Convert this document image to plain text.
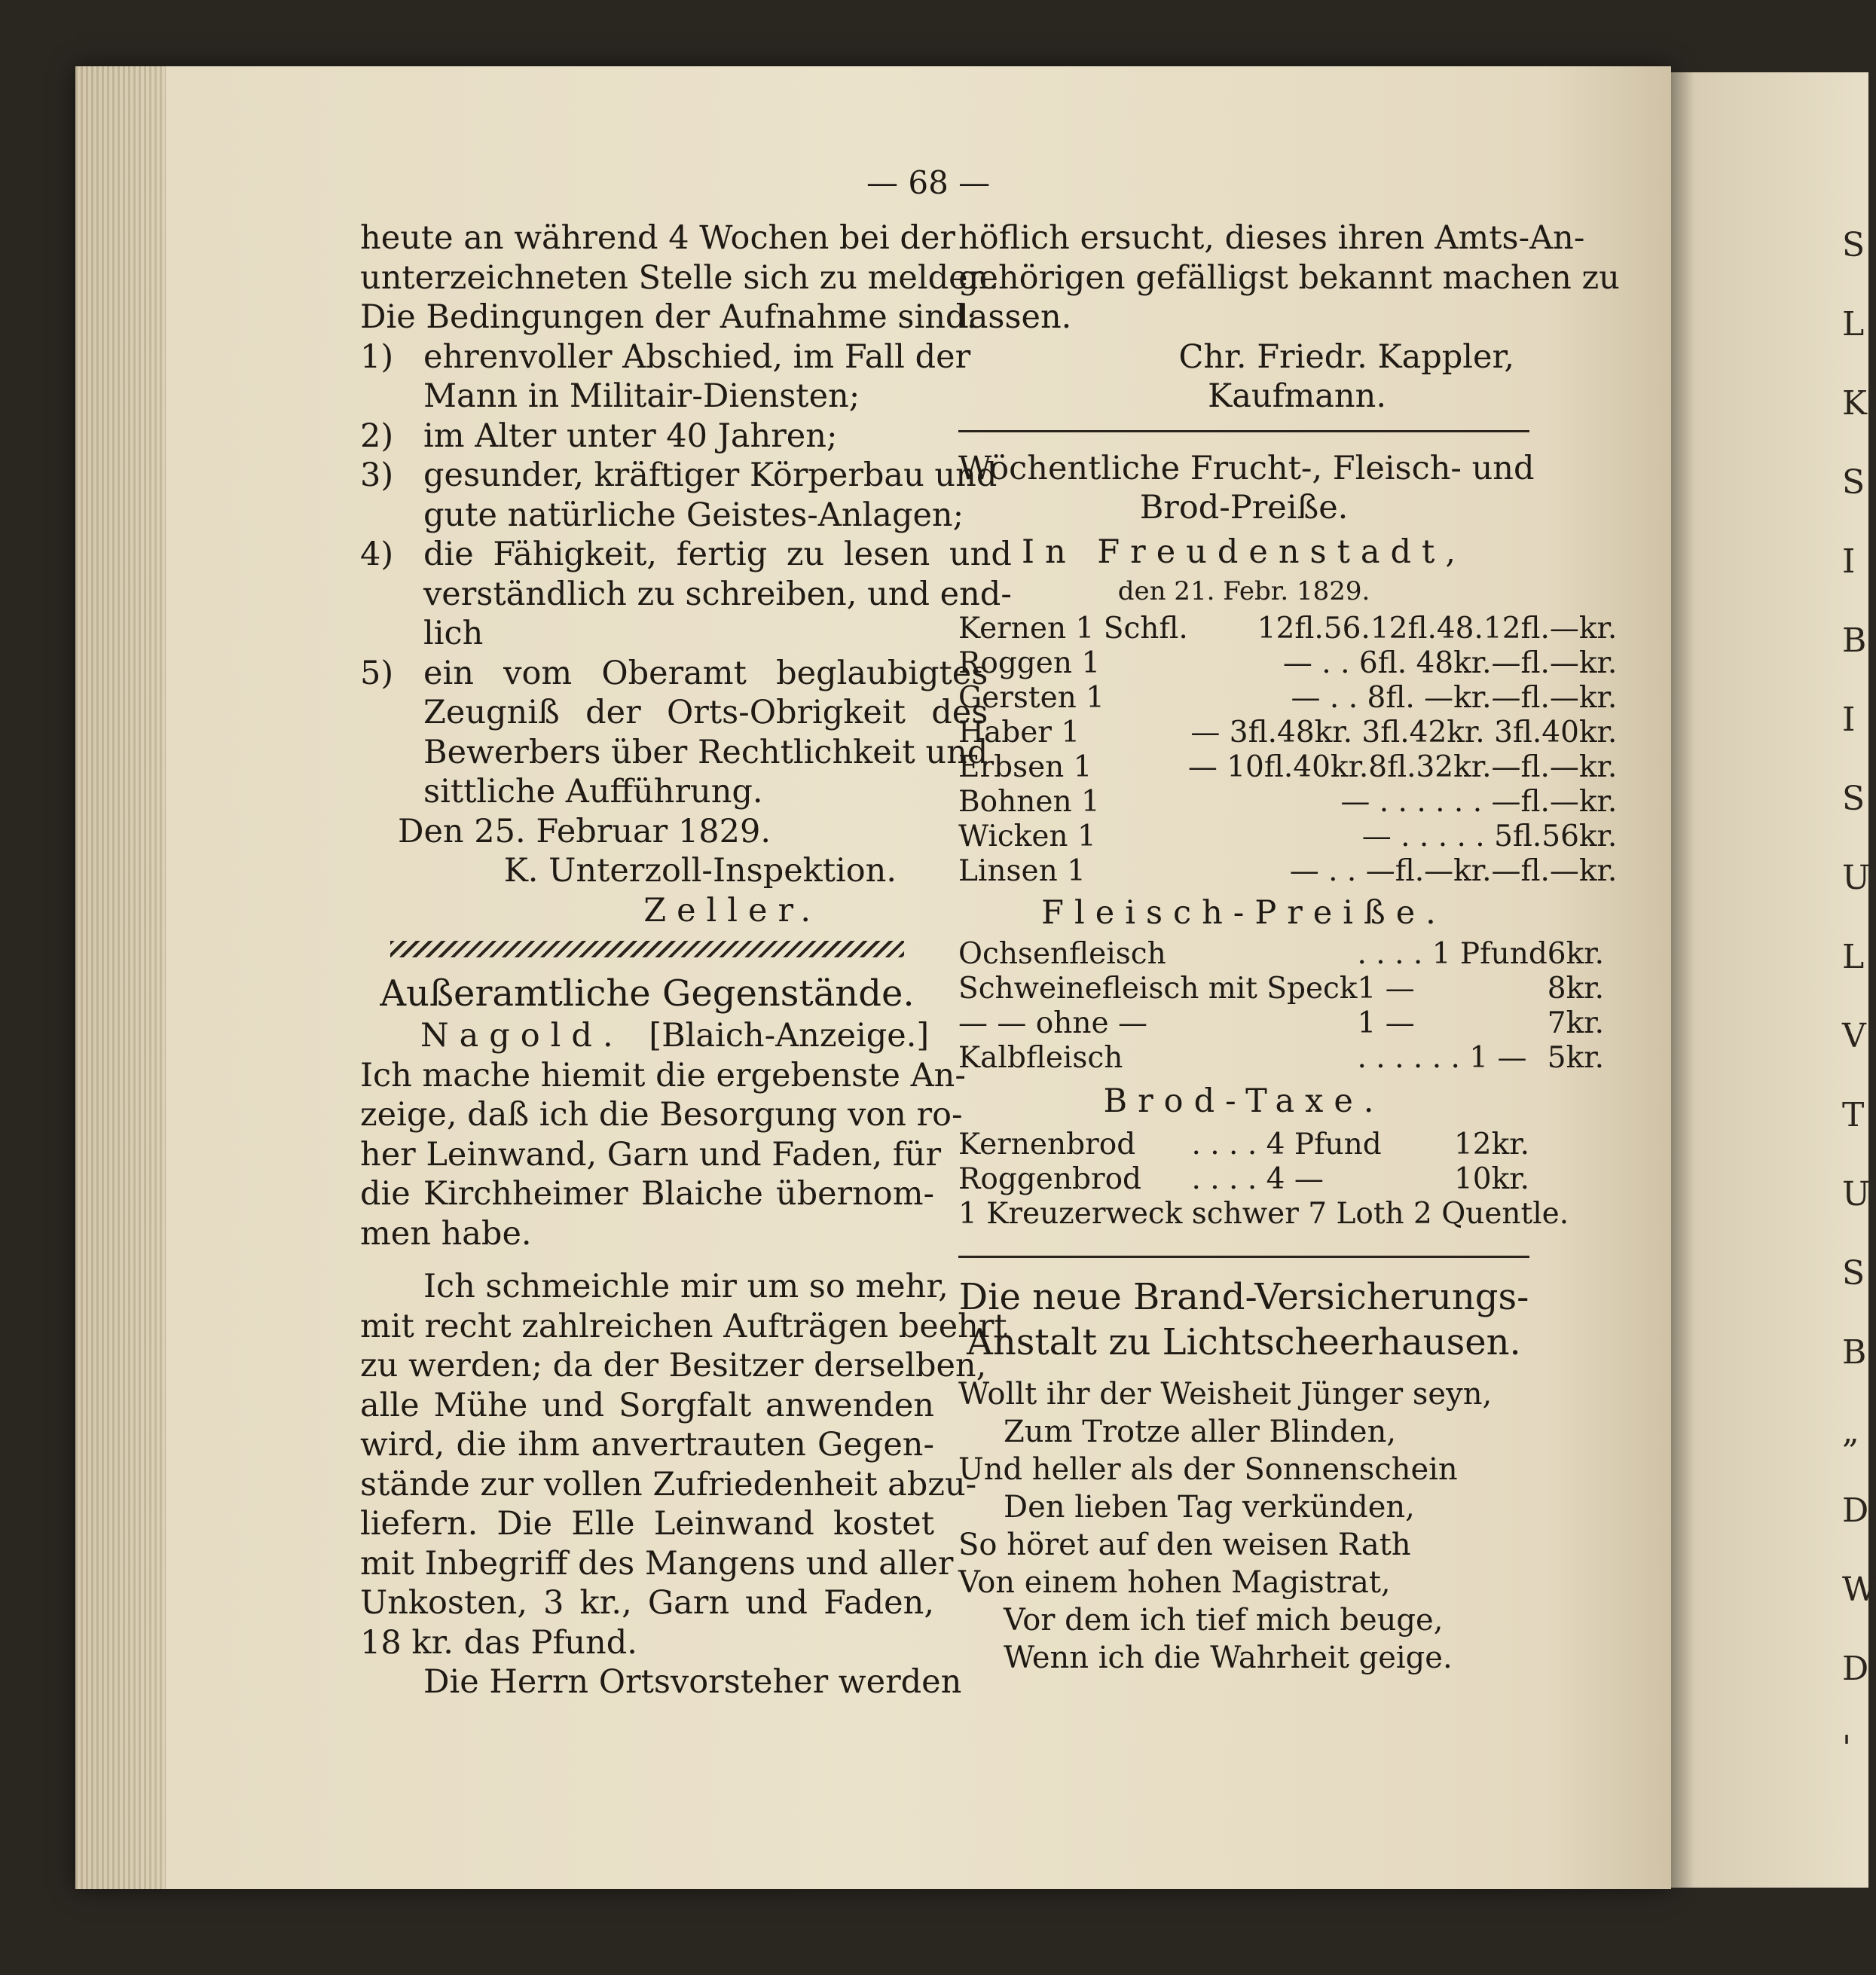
S
L
K
S
I
B
I
S
U
L
V
T
U
S
B
„
D
W
D
'
— 68 —
heute an während 4 Wochen bei der
unterzeichneten Stelle sich zu melden.
Die Bedingungen der Aufnahme sind:
1) ehrenvoller Abschied, im Fall der
Mann in Militair-Diensten;
2) im Alter unter 40 Jahren;
3) gesunder, kräftiger Körperbau und
gute natürliche Geistes-Anlagen;
4) die Fähigkeit, fertig zu lesen und
verständlich zu schreiben, und end-
lich
5) ein vom Oberamt beglaubigtes
Zeugniß der Orts-Obrigkeit des
Bewerbers über Rechtlichkeit und
sittliche Aufführung.
Den 25. Februar 1829.
K. Unterzoll-Inspektion.
Zeller.
Außeramtliche Gegenstände.
Nagold. [Blaich-Anzeige.]
Ich mache hiemit die ergebenste An-
zeige, daß ich die Besorgung von ro-
her Leinwand, Garn und Faden, für
die Kirchheimer Blaiche übernom-
men habe.
Ich schmeichle mir um so mehr,
mit recht zahlreichen Aufträgen beehrt
zu werden; da der Besitzer derselben,
alle Mühe und Sorgfalt anwenden
wird, die ihm anvertrauten Gegen-
stände zur vollen Zufriedenheit abzu-
liefern. Die Elle Leinwand kostet
mit Inbegriff des Mangens und aller
Unkosten, 3 kr., Garn und Faden,
18 kr. das Pfund.
Die Herrn Ortsvorsteher werden
höflich ersucht, dieses ihren Amts-An-
gehörigen gefälligst bekannt machen zu
lassen.
Chr. Friedr. Kappler,
Kaufmann.
Wöchentliche Frucht-, Fleisch- und
Brod-Preiße.
In Freudenstadt,
den 21. Febr. 1829.
Kernen 1 Schfl.	12fl.56.12fl.48.12fl.—kr.
Roggen 1	— . . 6fl. 48kr.—fl.—kr.
Gersten 1	— . . 8fl. —kr.—fl.—kr.
Haber 1	— 3fl.48kr. 3fl.42kr. 3fl.40kr.
Erbsen 1	— 10fl.40kr.8fl.32kr.—fl.—kr.
Bohnen 1	— . . . . . . —fl.—kr.
Wicken 1	— . . . . . 5fl.56kr.
Linsen 1	— . . —fl.—kr.—fl.—kr.
Fleisch-Preiße.
Ochsenfleisch	. . . . 1 Pfund	6kr.
Schweinefleisch mit Speck	1 —	8kr.
— — ohne —	1 —	7kr.
Kalbfleisch	. . . . . . 1 —	5kr.
Brod-Taxe.
Kernenbrod	. . . . 4 Pfund	12kr.
Roggenbrod	. . . . 4 —	10kr.
1 Kreuzerweck schwer 7 Loth 2 Quentle.
Die neue Brand-Versicherungs-
Anstalt zu Lichtscheerhausen.
Wollt ihr der Weisheit Jünger seyn,
Zum Trotze aller Blinden,
Und heller als der Sonnenschein
Den lieben Tag verkünden,
So höret auf den weisen Rath
Von einem hohen Magistrat,
Vor dem ich tief mich beuge,
Wenn ich die Wahrheit geige.
